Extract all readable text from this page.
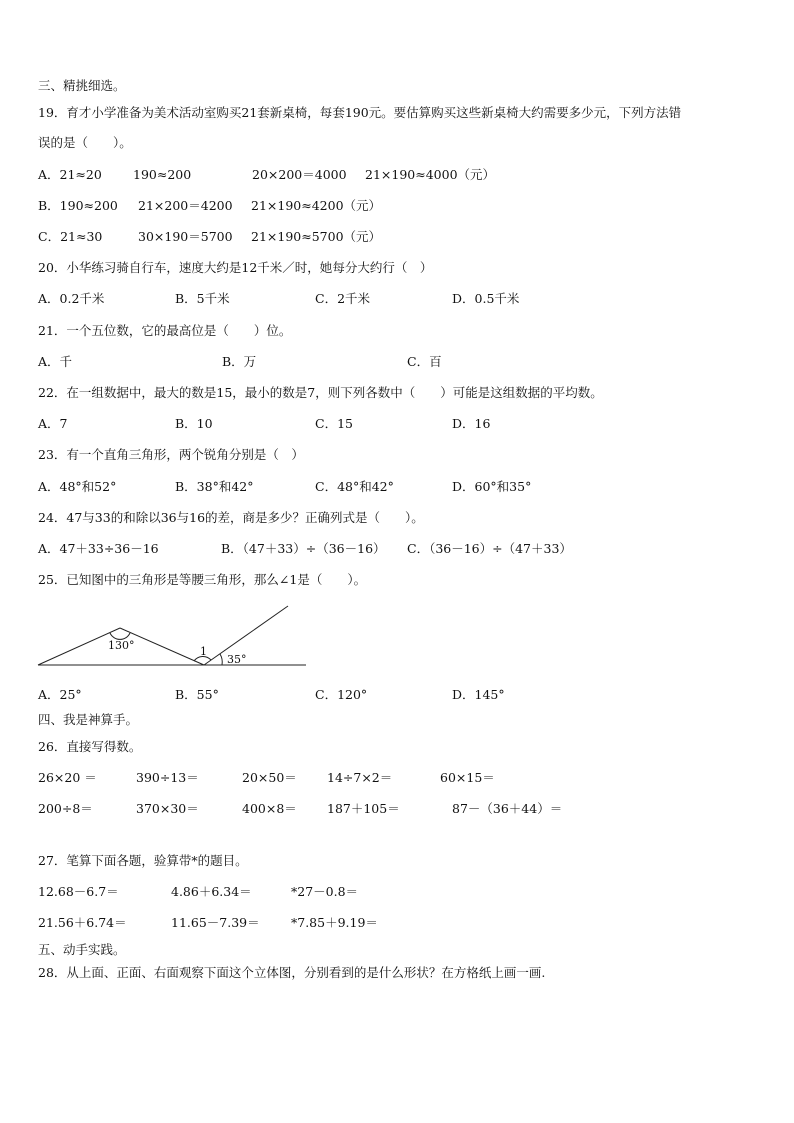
三、精挑细选。
19．育才小学准备为美术活动室购买21套新桌椅，每套190元。要估算购买这些新桌椅大约需要多少元，下列方法错
误的是（　　）。
A．21≈20 190≈200	20×200＝4000 21×190≈4000（元）
B．190≈200 21×200＝4200 21×190≈4200（元）
C．21≈30	30×190＝5700 21×190≈5700（元）
20．小华练习骑自行车，速度大约是12千米／时，她每分大约行（　）
A．0.2千米	B．5千米	C．2千米	D．0.5千米
21．一个五位数，它的最高位是（　　）位。
A．千	B．万	C．百
22．在一组数据中，最大的数是15，最小的数是7，则下列各数中（　　）可能是这组数据的平均数。
A．7	B．10	C．15	D．16
23．有一个直角三角形，两个锐角分别是（　）
A．48°和52°	B．38°和42°	C．48°和42°	D．60°和35°
24．47与33的和除以36与16的差，商是多少？正确列式是（　　）。
A．47＋33÷36－16	B．（47＋33）÷（36－16） C．（36－16）÷（47＋33）
25．已知图中的三角形是等腰三角形，那么∠1是（　　）。
130°	1
35°
A．25°	B．55°	C．120°	D．145°
四、我是神算手。
26．直接写得数。
26×20 ＝	390÷13＝	20×50＝ 14÷7×2＝	60×15＝
200÷8＝	370×30＝	400×8＝ 187＋105＝	87－（36＋44）＝
27．笔算下面各题，验算带*的题目。
12.68－6.7＝	4.86＋6.34＝	*27－0.8＝
21.56＋6.74＝	11.65－7.39＝	*7.85＋9.19＝
五、动手实践。
28．从上面、正面、右面观察下面这个立体图，分别看到的是什么形状？在方格纸上画一画.
